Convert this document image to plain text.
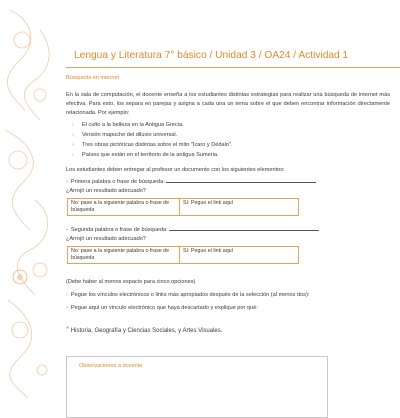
Lengua y Literatura 7° básico / Unidad 3 / OA24 / Actividad 1
Búsqueda en internet
En la sala de computación, el docente enseña a los estudiantes distintas estrategias para realizar una búsqueda de internet más efectiva. Para esto, los separa en parejas y asigna a cada una un tema sobre el que deben encontrar información directamente relacionada. Por ejemplo:
› El culto a la belleza en la Antigua Grecia.
› Versión mapuche del diluvio universal.
› Tres obras pictóricas distintas sobre el mito "Ícaro y Dédalo".
› Países que están en el territorio de la antigua Sumeria.
Los estudiantes deben entregar al profesor un documento con los siguientes elementos:
› Primera palabra o frase de búsqueda:
¿Arrojó un resultado adecuado?
No: pase a la siguiente palabra o frase de búsqueda	Sí: Pegue el link aquí
› Segunda palabra o frase de búsqueda:
¿Arrojó un resultado adecuado?
No: pase a la siguiente palabra o frase de búsqueda	Sí: Pegue el link aquí
(Debe haber al menos espacio para cinco opciones)
› Pegue los vínculos electrónicos o links más apropiados después de la selección (al menos dos):
› Pegue aquí un vínculo electrónico que haya descartado y explique por qué:
* Historia, Geografía y Ciencias Sociales, y Artes Visuales.
Observaciones a docente
